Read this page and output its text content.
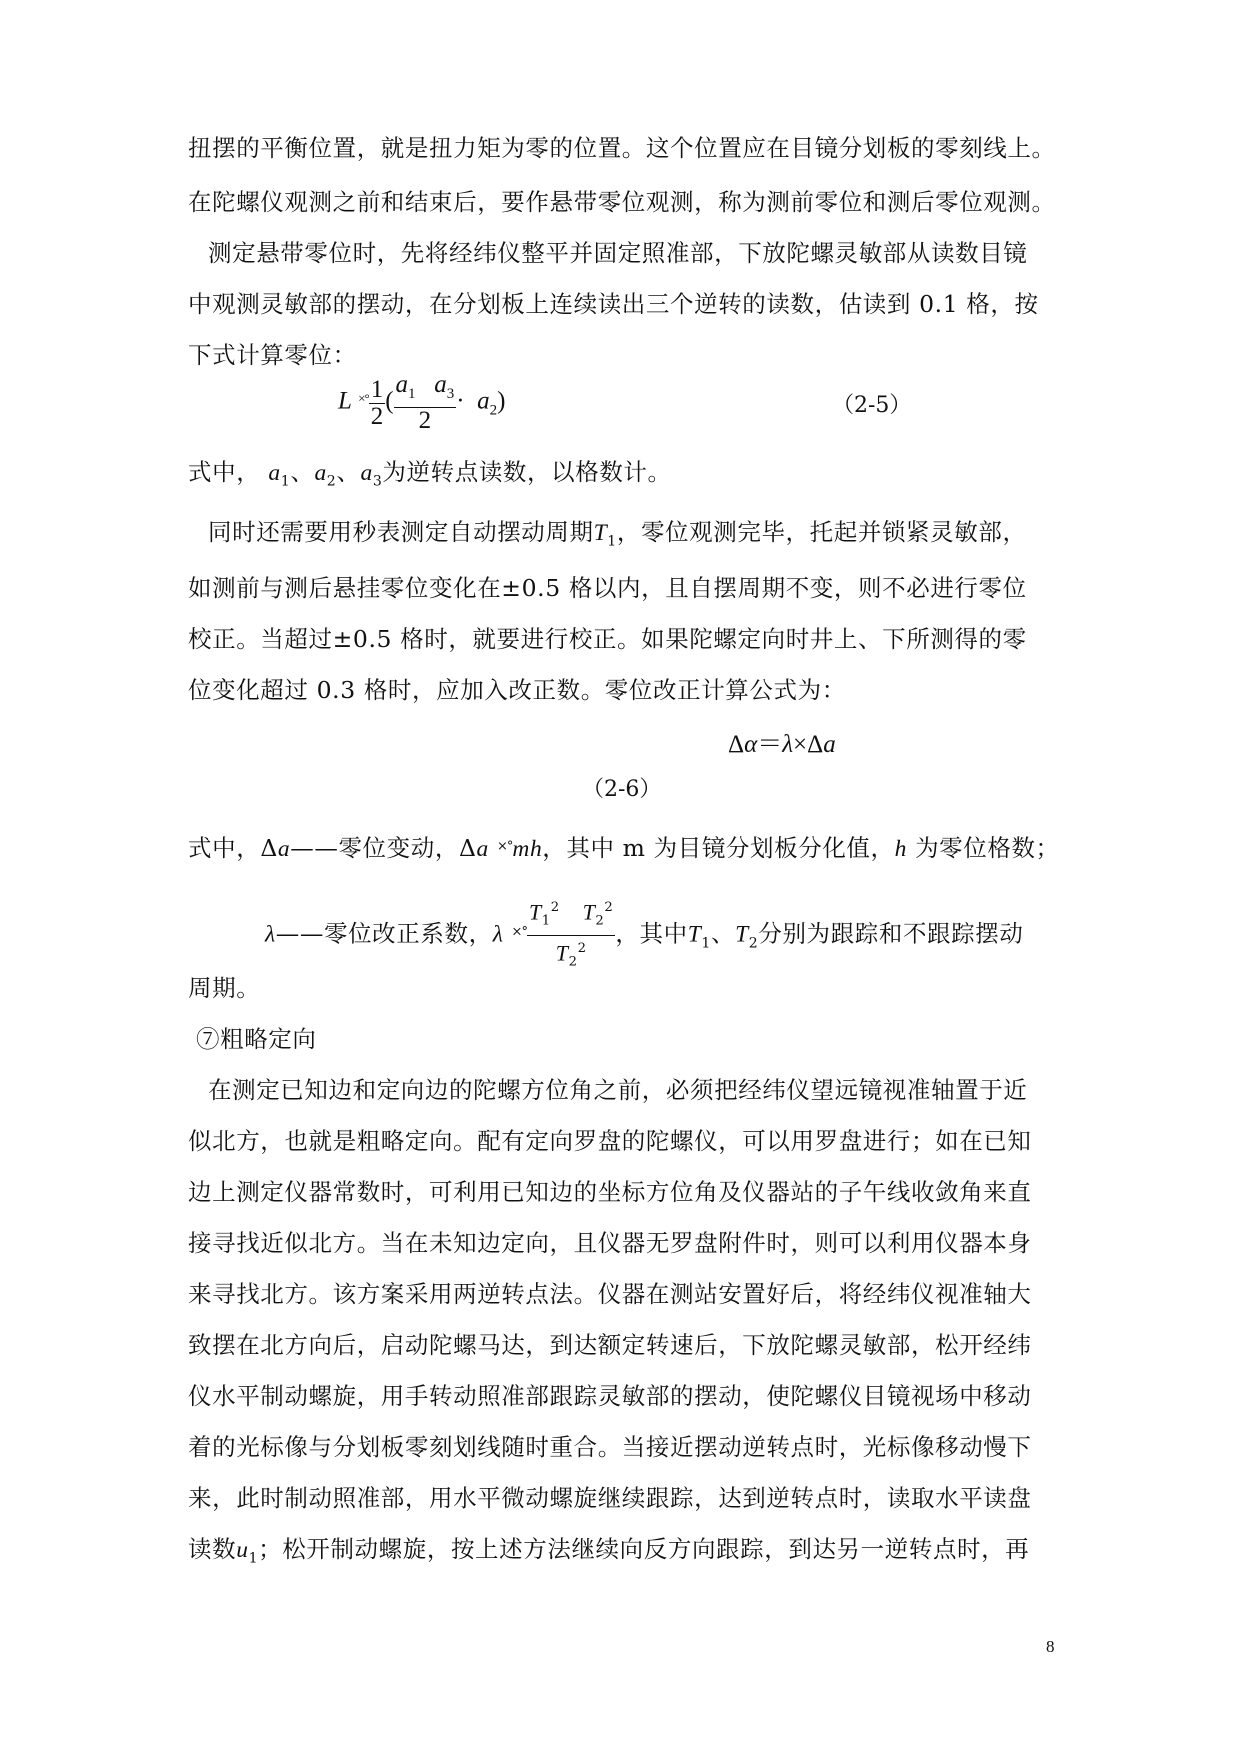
扭摆的平衡位置，就是扭力矩为零的位置。这个位置应在目镜分划板的零刻线上。
在陀螺仪观测之前和结束后，要作悬带零位观测，称为测前零位和测后零位观测。
测定悬带零位时，先将经纬仪整平并固定照准部，下放陀螺灵敏部从读数目镜
中观测灵敏部的摆动，在分划板上连续读出三个逆转的读数，估读到 0.1 格，按
下式计算零位：
L $^{\times^\circ} \frac{1}{2}$ ( $\frac{a_1 a_3}{2} \cdot a_2$)	（2-5）
式中， $a_1$、$a_2$、$a_3$为逆转点读数，以格数计。
同时还需要用秒表测定自动摆动周期$T_1$，零位观测完毕，托起并锁紧灵敏部，
如测前与测后悬挂零位变化在±0.5 格以内，且自摆周期不变，则不必进行零位
校正。当超过±0.5 格时，就要进行校正。如果陀螺定向时井上、下所测得的零
位变化超过 0.3 格时，应加入改正数。零位改正计算公式为：
Δα＝λ×Δa
（2-6）
式中，Δa——零位变动，Δa ×°mh，其中 m 为目镜分划板分化值，h 为零位格数；
λ——零位改正系数，λ $^{\times^\circ} \frac{T_1^2 T_2^2}{T_2^2}$ ，其中$T_1$、$T_2$分别为跟踪和不跟踪摆动
周期。
⑦粗略定向
在测定已知边和定向边的陀螺方位角之前，必须把经纬仪望远镜视准轴置于近
似北方，也就是粗略定向。配有定向罗盘的陀螺仪，可以用罗盘进行；如在已知
边上测定仪器常数时，可利用已知边的坐标方位角及仪器站的子午线收敛角来直
接寻找近似北方。当在未知边定向，且仪器无罗盘附件时，则可以利用仪器本身
来寻找北方。该方案采用两逆转点法。仪器在测站安置好后，将经纬仪视准轴大
致摆在北方向后，启动陀螺马达，到达额定转速后，下放陀螺灵敏部，松开经纬
仪水平制动螺旋，用手转动照准部跟踪灵敏部的摆动，使陀螺仪目镜视场中移动
着的光标像与分划板零刻划线随时重合。当接近摆动逆转点时，光标像移动慢下
来，此时制动照准部，用水平微动螺旋继续跟踪，达到逆转点时，读取水平读盘
读数$u_1$；松开制动螺旋，按上述方法继续向反方向跟踪，到达另一逆转点时，再
8
